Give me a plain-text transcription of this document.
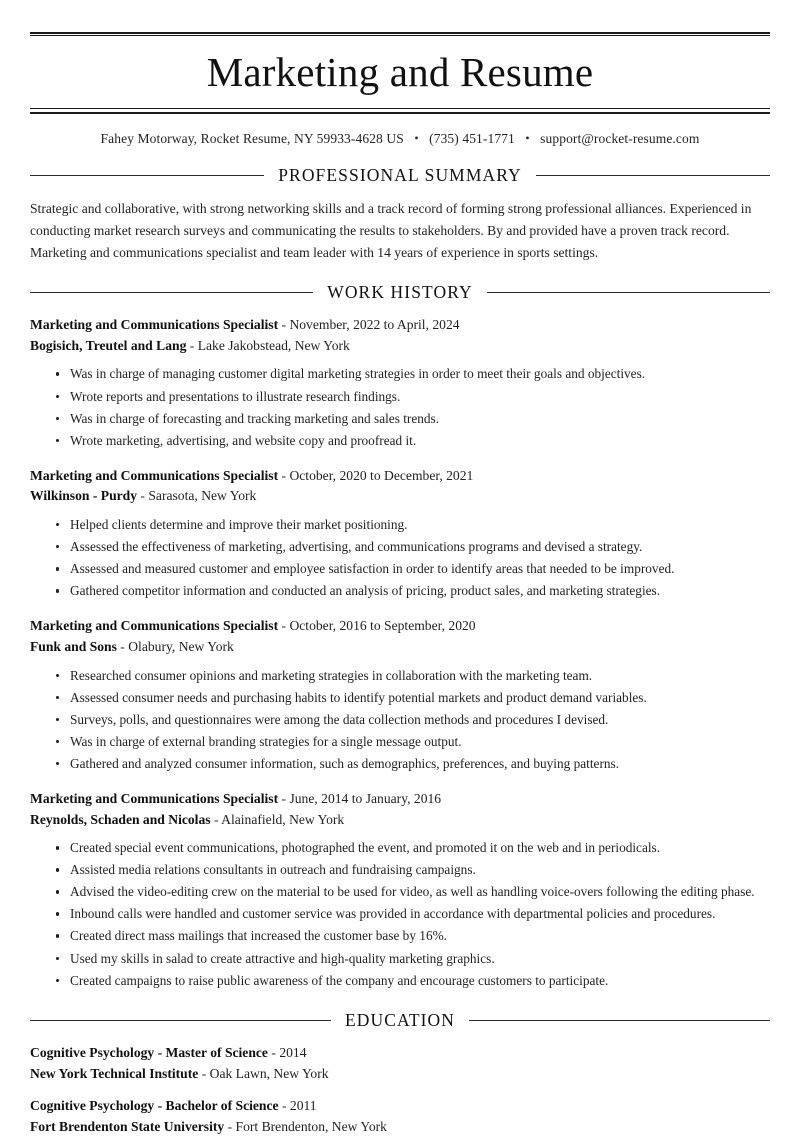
Marketing and Resume
Fahey Motorway, Rocket Resume, NY 59933-4628 US • (735) 451-1771 • support@rocket-resume.com
PROFESSIONAL SUMMARY

Strategic and collaborative, with strong networking skills and a track record of forming strong professional alliances. Experienced in conducting market research surveys and communicating the results to stakeholders. By and provided have a proven track record. Marketing and communications specialist and team leader with 14 years of experience in sports settings.

WORK HISTORY
Marketing and Communications Specialist - November, 2022 to April, 2024
Bogisich, Treutel and Lang - Lake Jakobstead, New York
Was in charge of managing customer digital marketing strategies in order to meet their goals and objectives.
Wrote reports and presentations to illustrate research findings.
Was in charge of forecasting and tracking marketing and sales trends.
Wrote marketing, advertising, and website copy and proofread it.
Marketing and Communications Specialist - October, 2020 to December, 2021
Wilkinson - Purdy - Sarasota, New York
Helped clients determine and improve their market positioning.
Assessed the effectiveness of marketing, advertising, and communications programs and devised a strategy.
Assessed and measured customer and employee satisfaction in order to identify areas that needed to be improved.
Gathered competitor information and conducted an analysis of pricing, product sales, and marketing strategies.
Marketing and Communications Specialist - October, 2016 to September, 2020
Funk and Sons - Olabury, New York
Researched consumer opinions and marketing strategies in collaboration with the marketing team.
Assessed consumer needs and purchasing habits to identify potential markets and product demand variables.
Surveys, polls, and questionnaires were among the data collection methods and procedures I devised.
Was in charge of external branding strategies for a single message output.
Gathered and analyzed consumer information, such as demographics, preferences, and buying patterns.
Marketing and Communications Specialist - June, 2014 to January, 2016
Reynolds, Schaden and Nicolas - Alainafield, New York
Created special event communications, photographed the event, and promoted it on the web and in periodicals.
Assisted media relations consultants in outreach and fundraising campaigns.
Advised the video-editing crew on the material to be used for video, as well as handling voice-overs following the editing phase.
Inbound calls were handled and customer service was provided in accordance with departmental policies and procedures.
Created direct mass mailings that increased the customer base by 16%.
Used my skills in salad to create attractive and high-quality marketing graphics.
Created campaigns to raise public awareness of the company and encourage customers to participate.
EDUCATION
Cognitive Psychology - Master of Science - 2014
New York Technical Institute - Oak Lawn, New York
Cognitive Psychology - Bachelor of Science - 2011
Fort Brendenton State University - Fort Brendenton, New York
